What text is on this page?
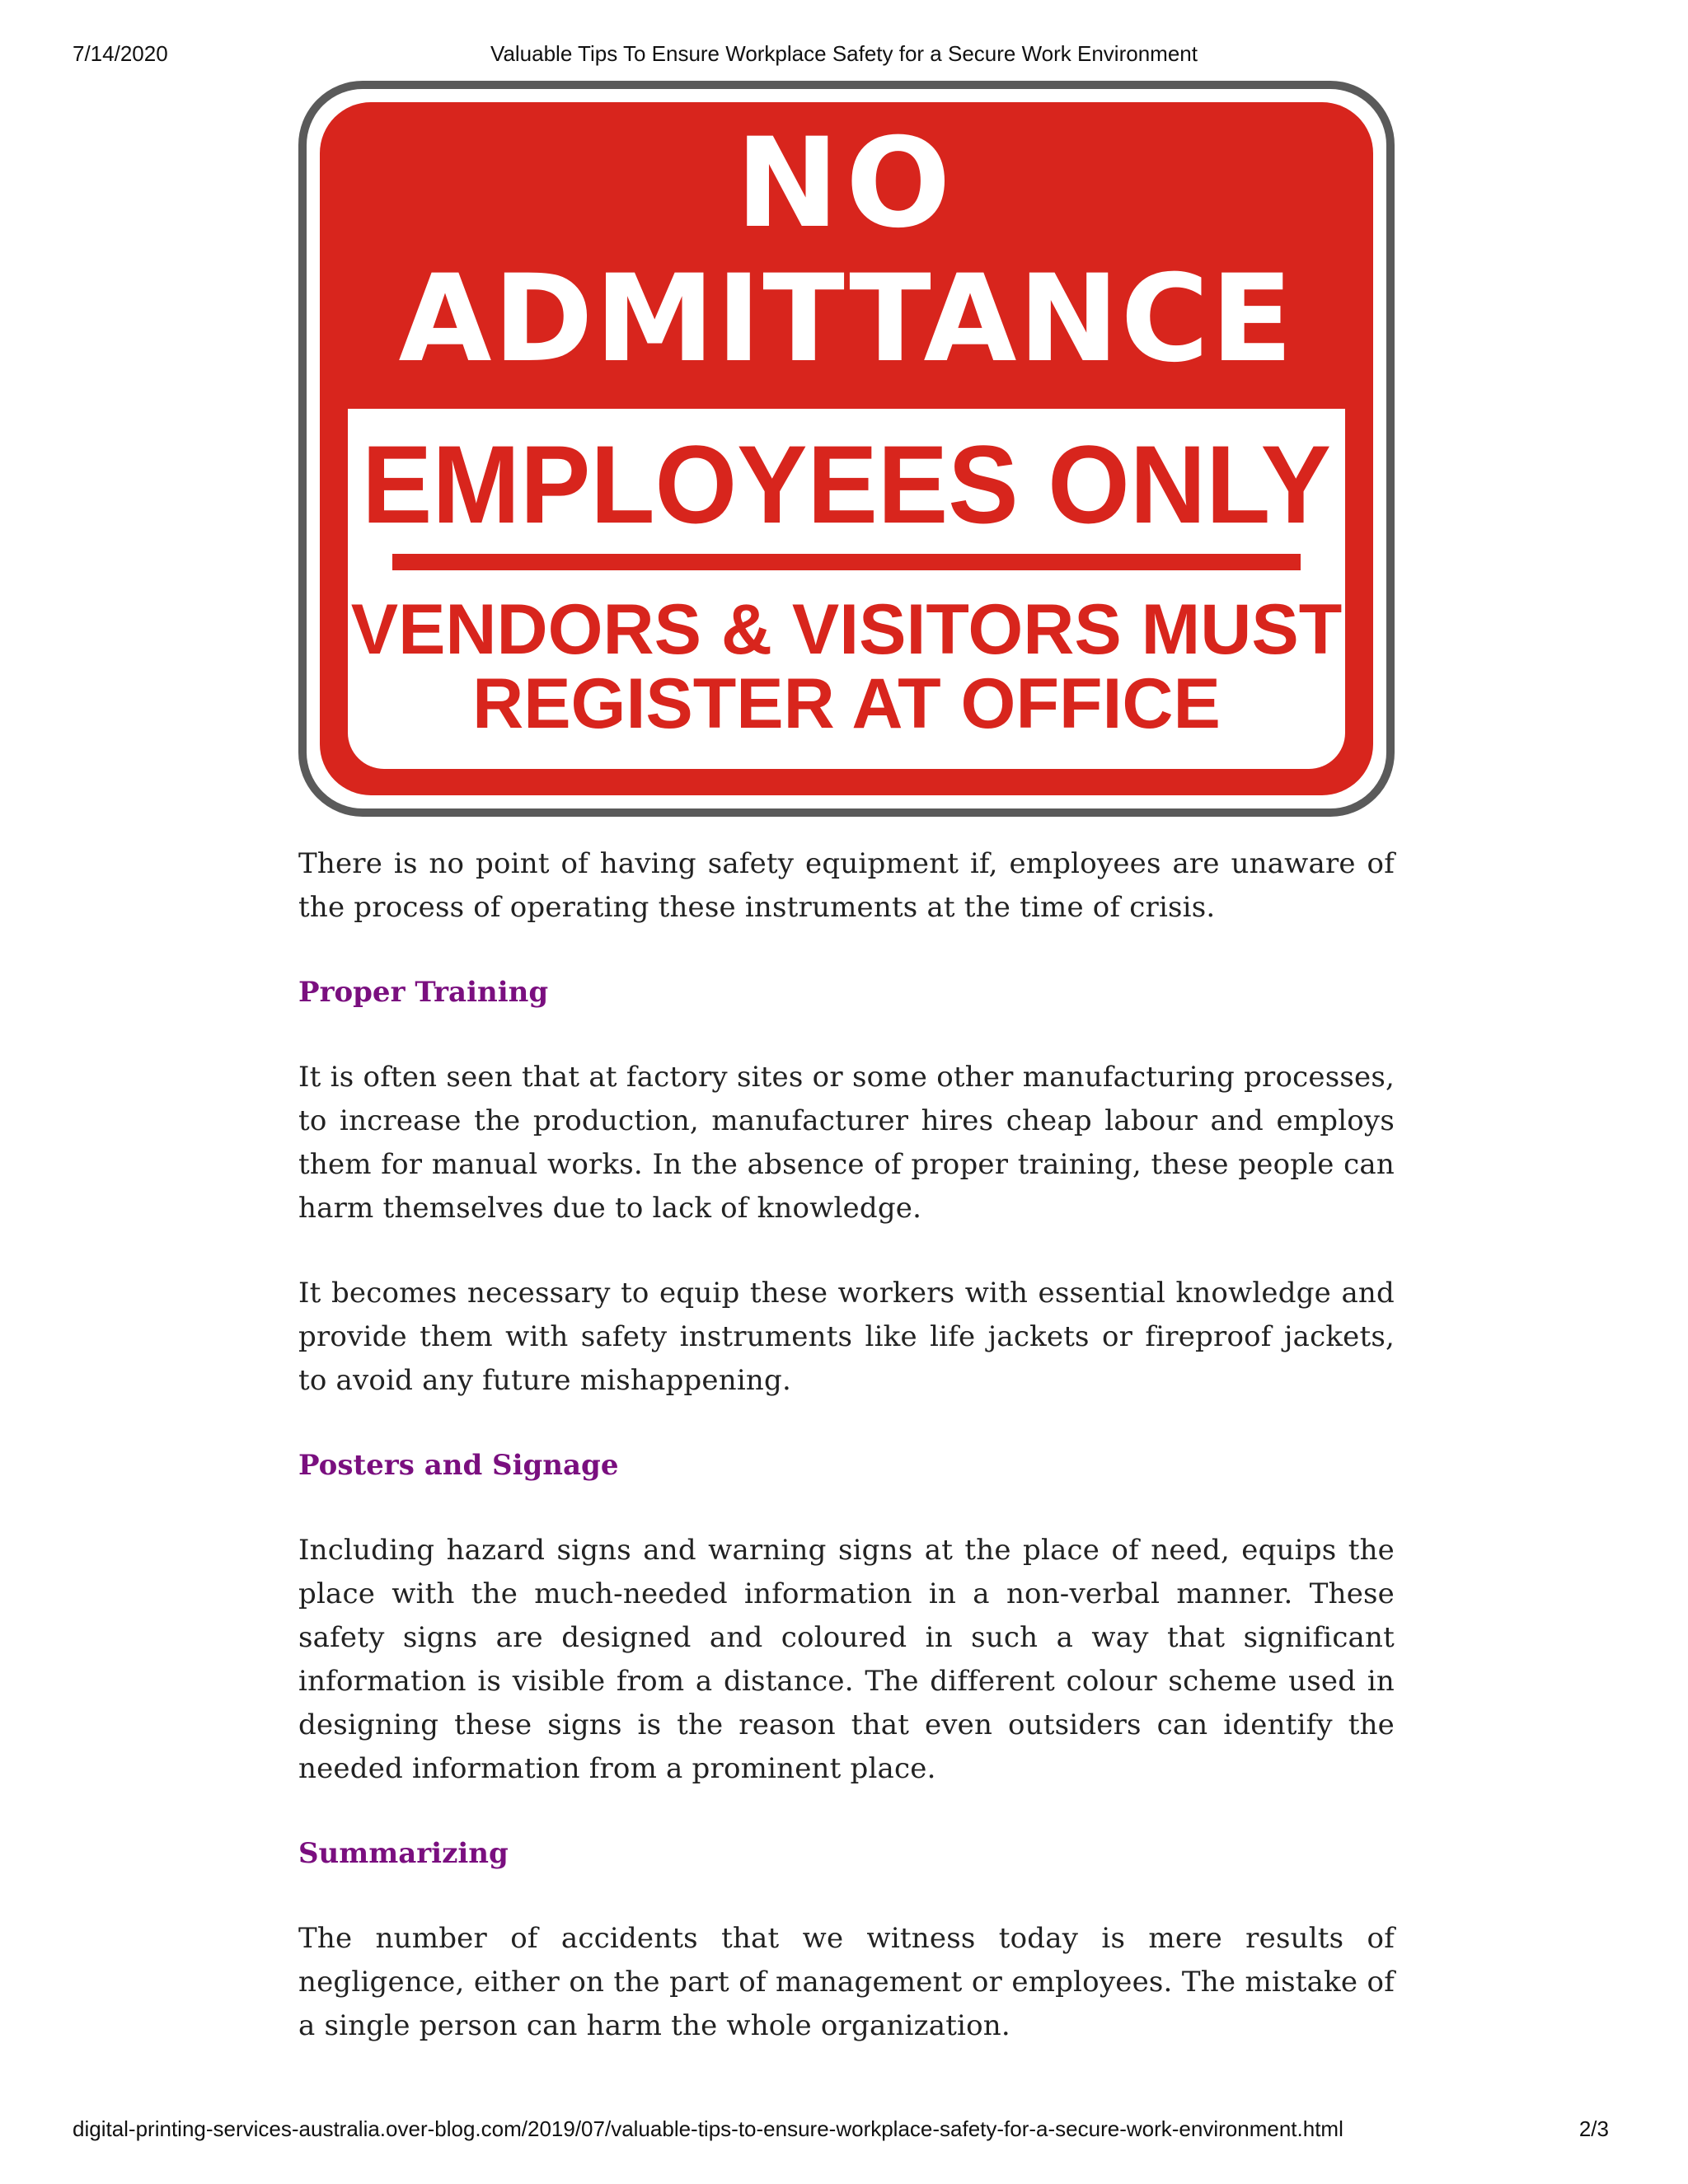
Valuable Tips To Ensure Workplace Safety for a Secure Work Environment
7/14/2020
NO
ADMITTANCE
EMPLOYEES ONLY
VENDORS & VISITORS MUST
REGISTER AT OFFICE

There is no point of having safety equipment if, employees are unaware of the process of operating these instruments at the time of crisis.

Proper Training

It is often seen that at factory sites or some other manufacturing processes, to increase the production, manufacturer hires cheap labour and employs them for manual works. In the absence of proper training, these people can harm themselves due to lack of knowledge.

It becomes necessary to equip these workers with essential knowledge and provide them with safety instruments like life jackets or fireproof jackets, to avoid any future mishappening.

Posters and Signage

Including hazard signs and warning signs at the place of need, equips the place with the much-needed information in a non-verbal manner. These safety signs are designed and coloured in such a way that significant information is visible from a distance. The different colour scheme used in designing these signs is the reason that even outsiders can identify the needed information from a prominent place.

Summarizing

The number of accidents that we witness today is mere results of negligence, either on the part of management or employees. The mistake of a single person can harm the whole organization.

digital-printing-services-australia.over-blog.com/2019/07/valuable-tips-to-ensure-workplace-safety-for-a-secure-work-environment.html	2/3
